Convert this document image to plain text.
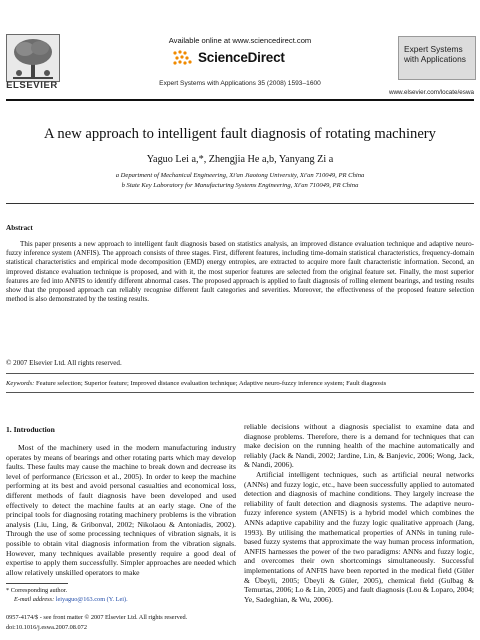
Available online at www.sciencedirect.com
ELSEVIER
ScienceDirect
Expert Systems with Applications 35 (2008) 1593–1600
Expert Systems
with Applications
www.elsevier.com/locate/eswa
A new approach to intelligent fault diagnosis of rotating machinery
Yaguo Lei a,*, Zhengjia He a,b, Yanyang Zi a
a Department of Mechanical Engineering, Xi'an Jiaotong University, Xi'an 710049, PR China
b State Key Laboratory for Manufacturing Systems Engineering, Xi'an 710049, PR China
Abstract

This paper presents a new approach to intelligent fault diagnosis based on statistics analysis, an improved distance evaluation technique and adaptive neuro-fuzzy inference system (ANFIS). The approach consists of three stages. First, different features, including time-domain statistical characteristics, frequency-domain statistical characteristics and empirical mode decomposition (EMD) energy entropies, are extracted to acquire more fault characteristic information. Second, an improved distance evaluation technique is proposed, and with it, the most superior features are selected from the original feature set. Finally, the most superior features are fed into ANFIS to identify different abnormal cases. The proposed approach is applied to fault diagnosis of rolling element bearings, and testing results show that the proposed approach can reliably recognise different fault categories and severities. Moreover, the effectiveness of the proposed feature selection method is also demonstrated by the testing results.

© 2007 Elsevier Ltd. All rights reserved.
Keywords: Feature selection; Superior feature; Improved distance evaluation technique; Adaptive neuro-fuzzy inference system; Fault diagnosis
1. Introduction

Most of the machinery used in the modern manufacturing industry operates by means of bearings and other rotating parts which may develop faults. These faults may cause the machine to break down and decrease its level of performance (Ericsson et al., 2005). In order to keep the machine performing at its best and avoid personal casualties and economical loss, different methods of fault diagnosis have been developed and used effectively to detect the machine faults at an early stage. One of the principal tools for diagnosing rotating machinery problems is the vibration analysis (Liu, Ling, & Gribonval, 2002; Nikolaou & Antoniadis, 2002). Through the use of some processing techniques of vibration signals, it is possible to obtain vital diagnosis information from the vibration signals. However, many techniques available presently require a good deal of expertise to apply them successfully. Simpler approaches are needed which allow relatively unskilled operators to make

reliable decisions without a diagnosis specialist to examine data and diagnose problems. Therefore, there is a demand for techniques that can make decision on the running health of the machine automatically and reliably (Jack & Nandi, 2002; Jardine, Lin, & Banjevic, 2006; Wong, Jack, & Nandi, 2006).

Artificial intelligent techniques, such as artificial neural networks (ANNs) and fuzzy logic, etc., have been successfully applied to automated detection and diagnosis of machine conditions. They largely increase the reliability of fault detection and diagnosis systems. The adaptive neuro-fuzzy inference system (ANFIS) is a hybrid model which combines the ANNs adaptive capability and the fuzzy logic qualitative approach (Jang, 1993). By utilising the mathematical properties of ANNs in tuning rule-based fuzzy systems that approximate the way human process information, ANFIS harnesses the power of the two paradigms: ANNs and fuzzy logic, and overcomes their own shortcomings simultaneously. Successful implementations of ANFIS have been reported in the medical field (Güler & Übeyli, 2005; Übeyli & Güler, 2005), chemical field (Gulbag & Temurtas, 2006; Lo & Lin, 2005) and fault diagnosis (Lou & Loparo, 2004; Ye, Sadeghian, & Wu, 2006).

* Corresponding author.
E-mail address: leiyaguo@163.com (Y. Lei).
0957-4174/$ - see front matter © 2007 Elsevier Ltd. All rights reserved.
doi:10.1016/j.eswa.2007.08.072
